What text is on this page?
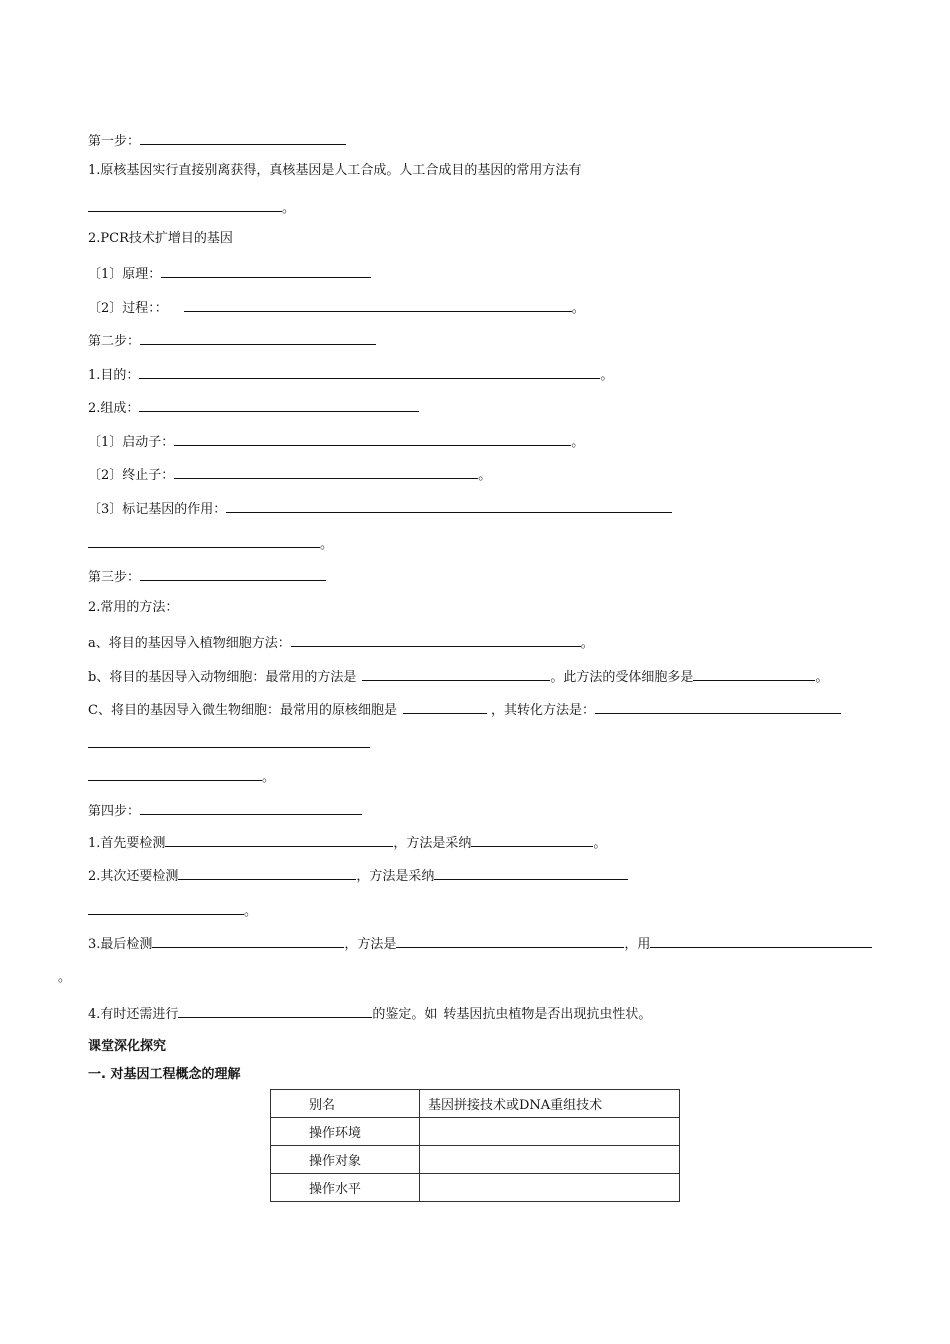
第一步：
1.原核基因实行直接别离获得，真核基因是人工合成。人工合成目的基因的常用方法有
。
2.PCR技术扩增目的基因
〔1〕原理：
〔2〕过程：：	。
第二步：
1.目的：	。
2.组成：
〔1〕启动子：	。
〔2〕终止子：	。
〔3〕标记基因的作用：
。
第三步：
2.常用的方法：
a、将目的基因导入植物细胞方法：	。
b、将目的基因导入动物细胞：最常用的方法是	。此方法的受体细胞多是	。
C、将目的基因导入微生物细胞：最常用的原核细胞是	，其转化方法是：
。
第四步：
1.首先要检测	，方法是采纳	。
2.其次还要检测	，方法是采纳
。
3.最后检测	，方法是	，用
。
4.有时还需进行	的鉴定。如 转基因抗虫植物是否出现抗虫性状。
课堂深化探究
一. 对基因工程概念的理解
别名	基因拼接技术或DNA重组技术
操作环境	
操作对象	
操作水平	
